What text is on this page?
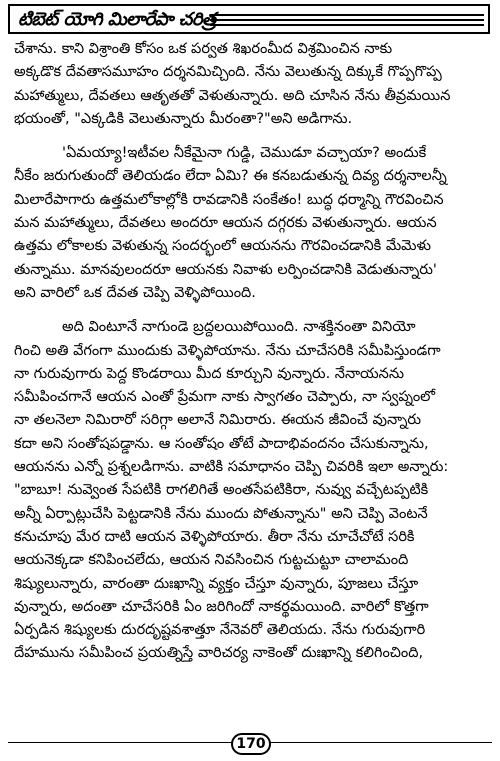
టిబెట్ యోగి మిలారేపా చరిత్ర
చేశాను. కాని విశ్రాంతి కోసం ఒక పర్వత శిఖరంమీద విశ్రమించిన నాకు
అక్కడొక దేవతాసమూహం దర్శనమిచ్చింది. నేను వెలుతున్న దిక్కుకే గొప్పగొప్ప
మహాత్ములు, దేవతలు ఆతృతతో వెళుతున్నారు. అది చూసిన నేను తీవ్రమయిన
భయంతో, "ఎక్కడికి వెలుతున్నారు మీరంతా?"అని అడిగాను.
'ఏమయ్యా!ఇటీవల నీకేమైనా గుడ్డి, చెముడూ వచ్చాయా? అందుకే
నీకేం జరుగుతుందో తెలియడం లేదా ఏమి? ఈ కనబడుతున్న దివ్య దర్శనాలన్నీ
మిలారేపాగారు ఉత్తమలోకాల్లోకి రావడానికి సంకేతం! బుద్ధ ధర్మాన్ని గౌరవించిన
మన మహాత్ములు, దేవతలు అందరూ ఆయన దగ్గరకు వెళుతున్నారు. ఆయన
ఉత్తమ లోకాలకు వెళుతున్న సందర్భంలో ఆయనను గౌరవించడానికి మేమెళు
తున్నాము. మానవులందరూ ఆయనకు నివాళు లర్పించడానికి వెడుతున్నారు'
అని వారిలో ఒక దేవత చెప్పి వెళ్ళిపోయింది.
అది వింటూనే నాగుండె బ్రద్దలయిపోయింది. నాశక్తినంతా వినియో
గించి అతి వేగంగా ముందుకు వెళ్ళిపోయాను. నేను చూచేసరికి సమీపిస్తుండగా
నా గురువుగారు పెద్ద కొండరాయి మీద కూర్చుని వున్నారు. నేనాయనను
సమీపించగానే ఆయన ఎంతో ప్రేమగా నాకు స్వాగతం చెప్పారు, నా స్వప్నంలో
నా తలనెలా నిమిరారో సరిగ్గా అలానే నిమిరారు. ఈయన జీవించే వున్నారు
కదా అని సంతోషపడ్డాను. ఆ సంతోషం తోటే పాదాభివందనం చేసుకున్నాను,
ఆయనను ఎన్నో ప్రశ్నలడిగాను. వాటికి సమాధానం చెప్పి చివరికి ఇలా అన్నారు:
"బాబూ! నువ్వెంత సేపటికి రాగలిగితే అంతసేపటికిరా, నువ్వు వచ్చేటప్పటికి
అన్నీ ఏర్పాట్లుచేసి పెట్టడానికి నేను ముందు పోతున్నాను" అని చెప్పి వెంటనే
కనుచూపు మేర దాటి ఆయన వెళ్ళిపోయారు. తీరా నేను చూచేచోటే సరికి
ఆయనెక్కడా కనిపించలేదు, ఆయన నివసించిన గుట్టచుట్టూ చాలామంది
శిష్యులున్నారు, వారంతా దుఃఖాన్ని వ్యక్తం చేస్తూ వున్నారు, పూజలు చేస్తూ
వున్నారు, అదంతా చూచేసరికి ఏం జరిగిందో నాకర్థమయింది. వారిలో కొత్తగా
ఏర్పడిన శిష్యులకు దురదృష్టవశాత్తూ నేనెవరో తెలియదు. నేను గురువుగారి
దేహమును సమీపించ ప్రయత్నిస్తే వారిచర్య నాకెంతో దుఃఖాన్ని కలిగించింది,
170
